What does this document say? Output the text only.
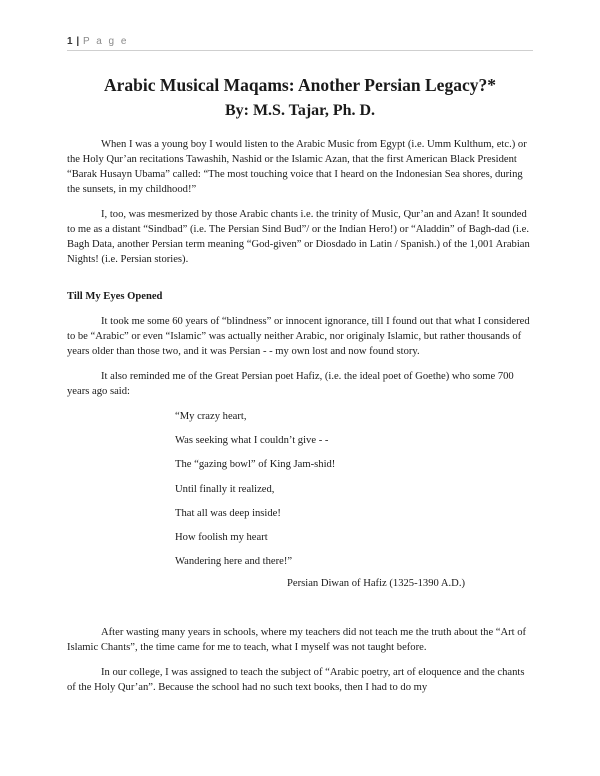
1 | P a g e
Arabic Musical Maqams: Another Persian Legacy?*
By: M.S. Tajar, Ph. D.

When I was a young boy I would listen to the Arabic Music from Egypt (i.e. Umm Kulthum, etc.) or the Holy Qur’an recitations Tawashih, Nashid or the Islamic Azan, that the first American Black President “Barak Husayn Ubama” called: “The most touching voice that I heard on the Indonesian Sea shores, during the sunsets, in my childhood!”

I, too, was mesmerized by those Arabic chants i.e. the trinity of Music, Qur’an and Azan! It sounded to me as a distant “Sindbad” (i.e. The Persian Sind Bud”/ or the Indian Hero!) or “Aladdin” of Bagh-dad (i.e. Bagh Data, another Persian term meaning “God-given” or Diosdado in Latin / Spanish.) of the 1,001 Arabian Nights! (i.e. Persian stories).

Till My Eyes Opened

It took me some 60 years of “blindness” or innocent ignorance, till I found out that what I considered to be “Arabic” or even “Islamic” was actually neither Arabic, nor originaly Islamic, but rather thousands of years older than those two, and it was Persian - - my own lost and now found story.

It also reminded me of the Great Persian poet Hafiz, (i.e. the ideal poet of Goethe) who some 700 years ago said:

“My crazy heart,
Was seeking what I couldn’t give - -
The “gazing bowl” of King Jam-shid!
Until finally it realized,
That all was deep inside!
How foolish my heart
Wandering here and there!”
Persian Diwan of Hafiz (1325-1390 A.D.)

After wasting many years in schools, where my teachers did not teach me the truth about the “Art of Islamic Chants”, the time came for me to teach, what I myself was not taught before.

In our college, I was assigned to teach the subject of “Arabic poetry, art of eloquence and the chants of the Holy Qur’an”. Because the school had no such text books, then I had to do my
